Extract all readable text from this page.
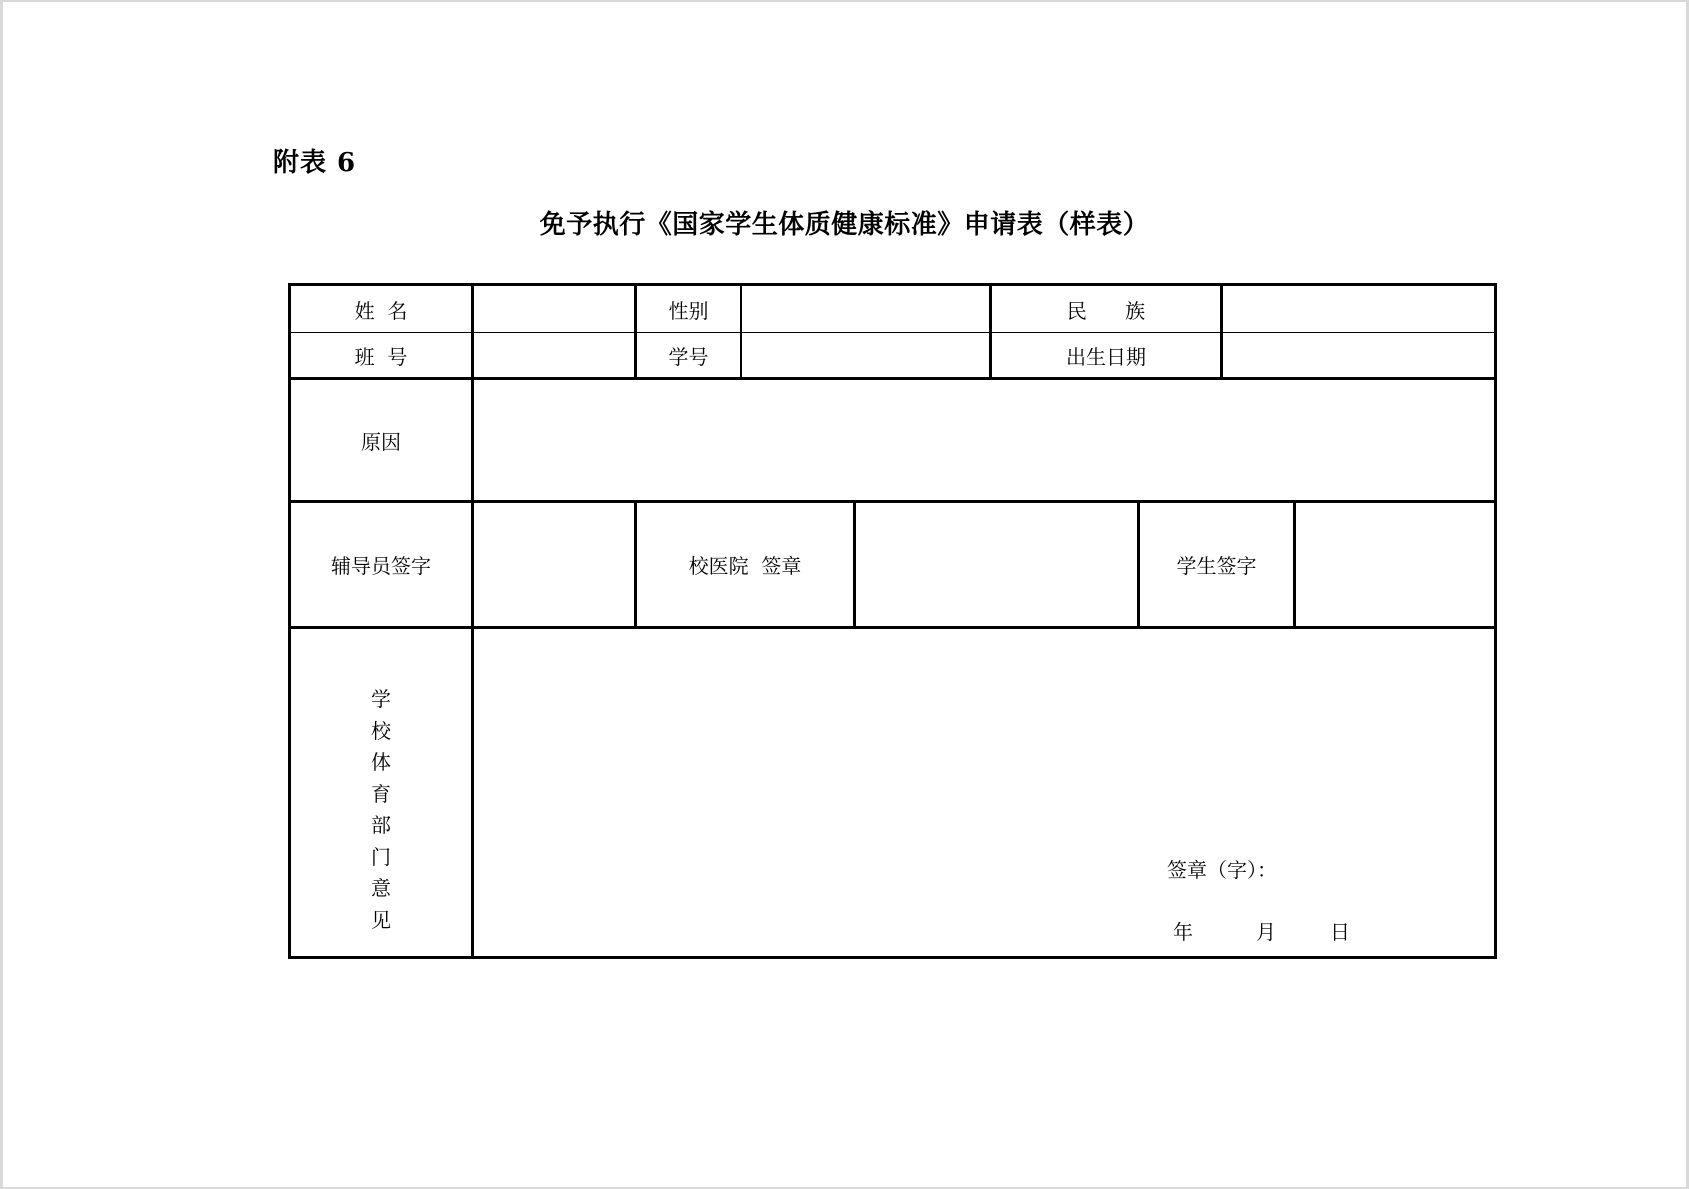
附表 6
免予执行《国家学生体质健康标准》申请表（样表）
姓  名	性别	民      族
班  号	学号	出生日期
原因
辅导员签字	校医院  签章	学生签字
学
校
体
育
部
门
意
见
签章（字）：
年	月	日
